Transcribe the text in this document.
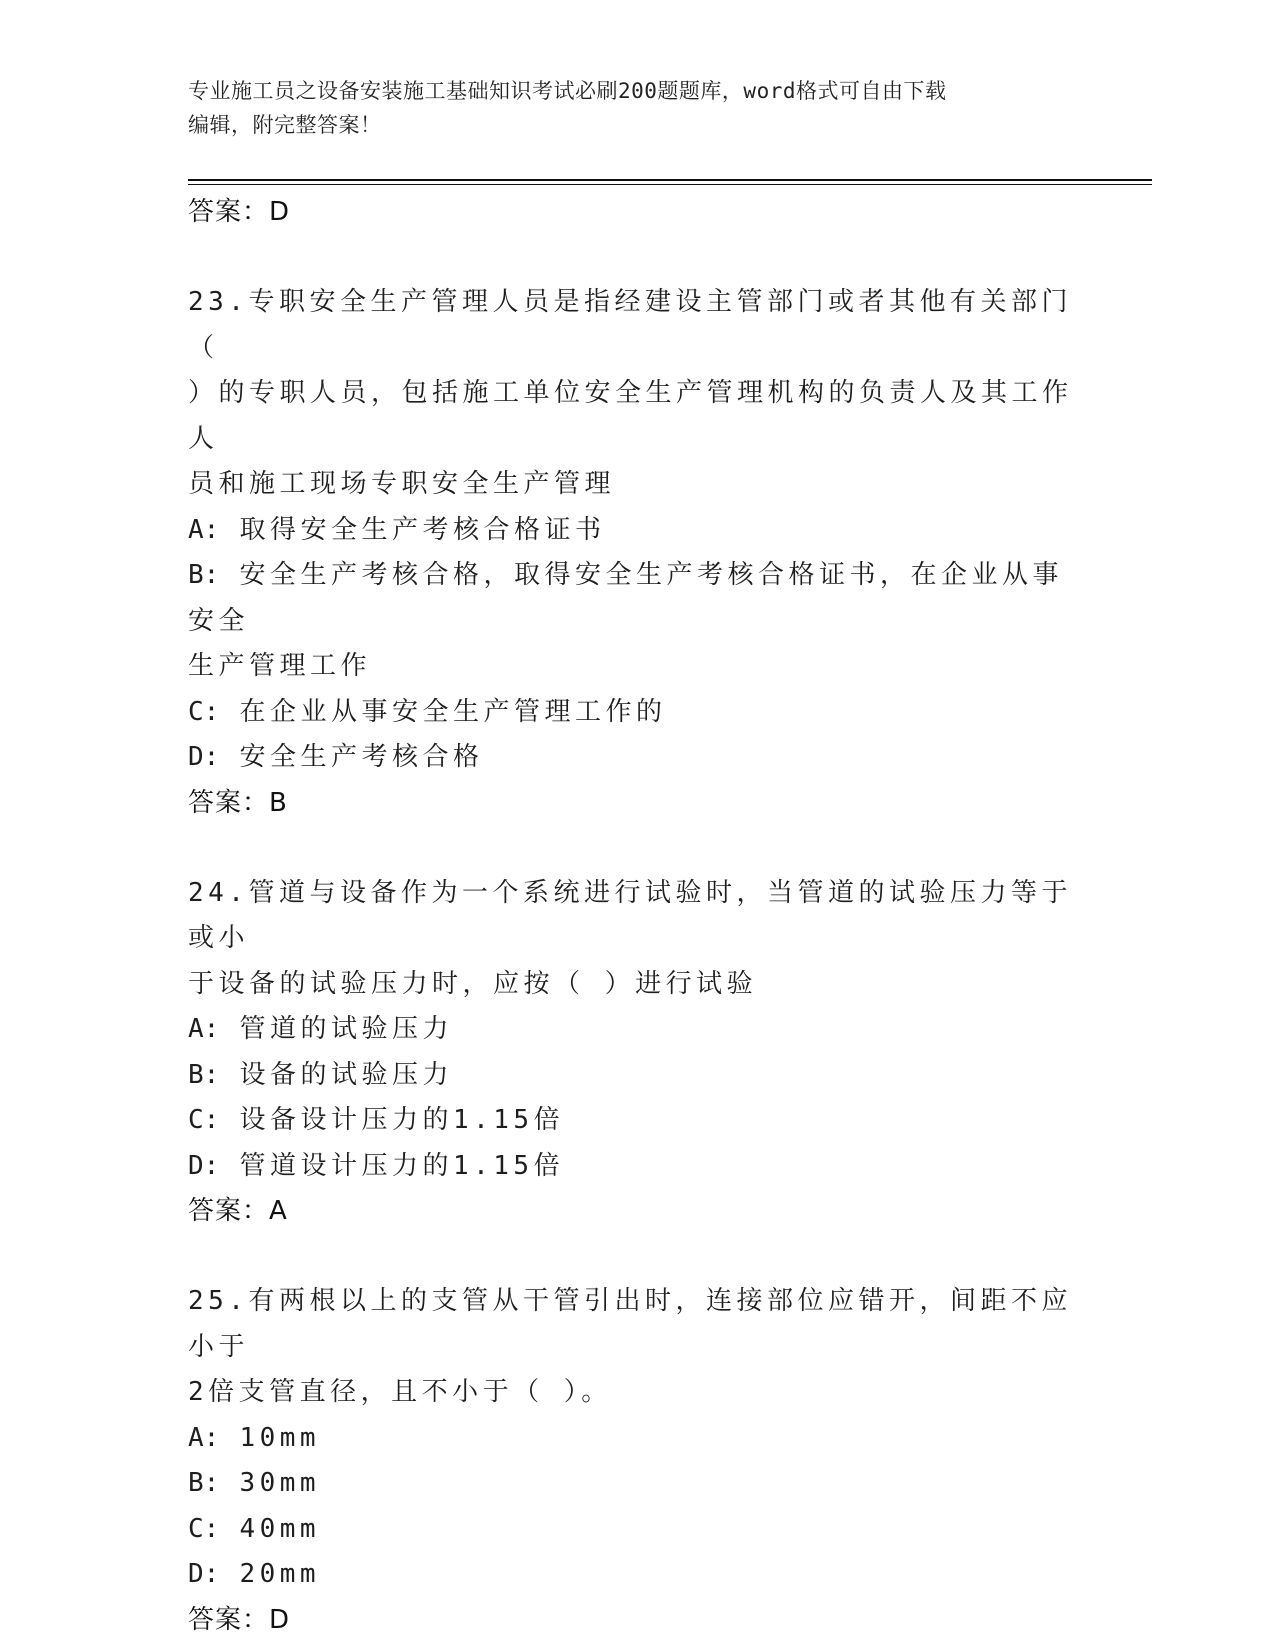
专业施工员之设备安装施工基础知识考试必刷200题题库，word格式可自由下载
编辑，附完整答案！
答案：D
23.专职安全生产管理人员是指经建设主管部门或者其他有关部门（
）的专职人员，包括施工单位安全生产管理机构的负责人及其工作人
员和施工现场专职安全生产管理
A: 取得安全生产考核合格证书
B: 安全生产考核合格，取得安全生产考核合格证书，在企业从事安全
生产管理工作
C: 在企业从事安全生产管理工作的
D: 安全生产考核合格
答案：B
24.管道与设备作为一个系统进行试验时，当管道的试验压力等于或小
于设备的试验压力时，应按（ ）进行试验
A: 管道的试验压力
B: 设备的试验压力
C: 设备设计压力的1.15倍
D: 管道设计压力的1.15倍
答案：A
25.有两根以上的支管从干管引出时，连接部位应错开，间距不应小于
2倍支管直径，且不小于（ ）。
A: 10mm
B: 30mm
C: 40mm
D: 20mm
答案：D
